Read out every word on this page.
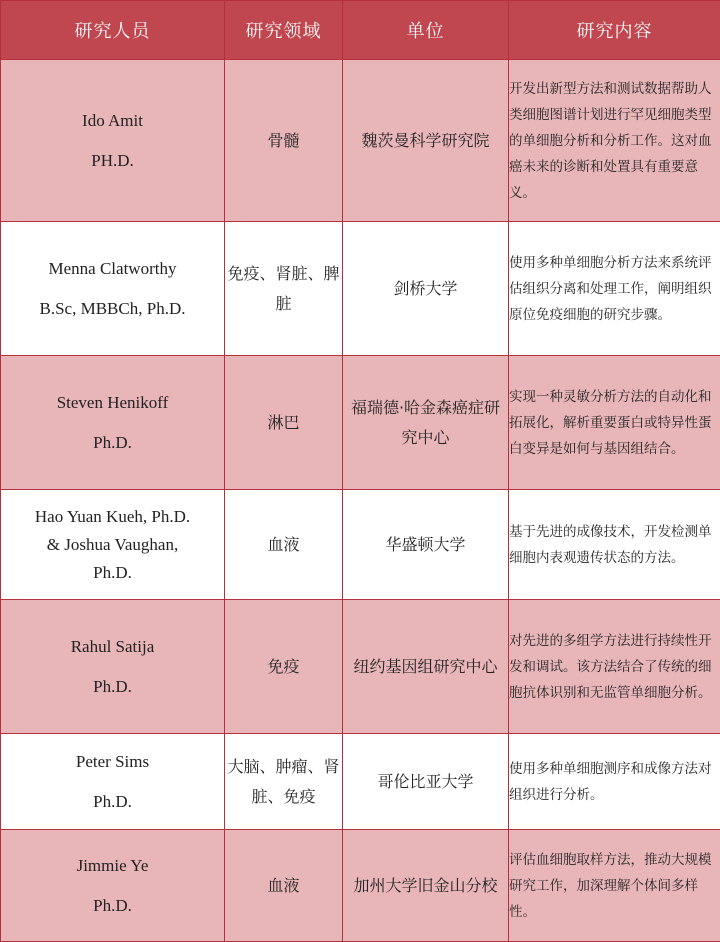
研究人员	研究领域	单位	研究内容

Ido Amit
PH.D.	骨髓	魏茨曼科学研究院	开发出新型方法和测试数据帮助人类细胞图谱计划进行罕见细胞类型的单细胞分析和分析工作。这对血癌未来的诊断和处置具有重要意义。

Menna Clatworthy
B.Sc, MBBCh, Ph.D.	免疫、肾脏、脾脏	剑桥大学	使用多种单细胞分析方法来系统评估组织分离和处理工作，阐明组织原位免疫细胞的研究步骤。

Steven Henikoff
Ph.D.	淋巴	福瑞德·哈金森癌症研究中心	实现一种灵敏分析方法的自动化和拓展化，解析重要蛋白或特异性蛋白变异是如何与基因组结合。

Hao Yuan Kueh, Ph.D.
& Joshua Vaughan,
Ph.D.	血液	华盛顿大学	基于先进的成像技术，开发检测单细胞内表观遗传状态的方法。

Rahul Satija
Ph.D.	免疫	纽约基因组研究中心	对先进的多组学方法进行持续性开发和调试。该方法结合了传统的细胞抗体识别和无监管单细胞分析。

Peter Sims
Ph.D.	大脑、肿瘤、肾脏、免疫	哥伦比亚大学	使用多种单细胞测序和成像方法对组织进行分析。

Jimmie Ye
Ph.D.	血液	加州大学旧金山分校	评估血细胞取样方法，推动大规模研究工作，加深理解个体间多样性。
